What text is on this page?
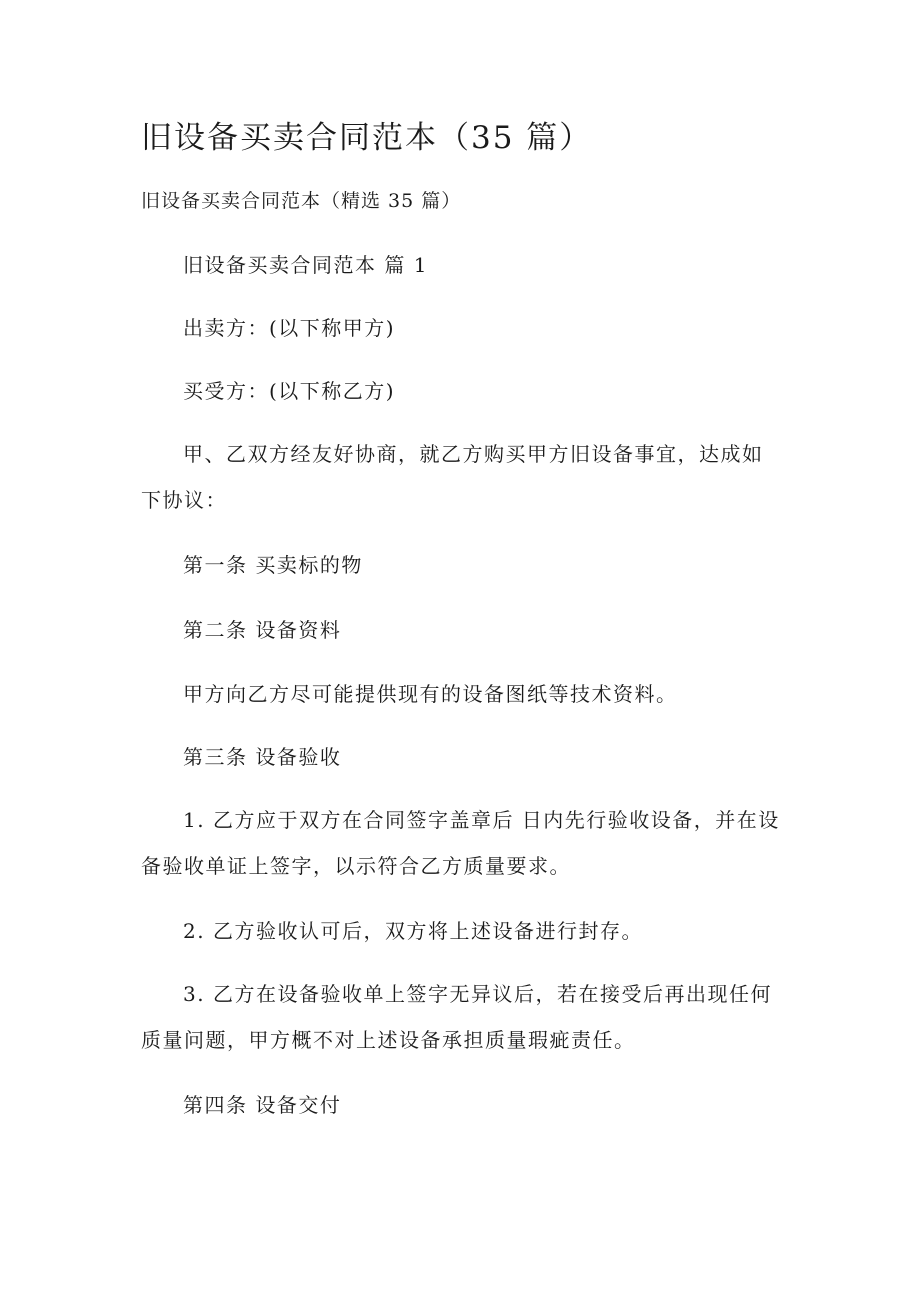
旧设备买卖合同范本（35 篇）
旧设备买卖合同范本（精选 35 篇）

旧设备买卖合同范本 篇 1

出卖方：(以下称甲方)

买受方：(以下称乙方)

甲、乙双方经友好协商，就乙方购买甲方旧设备事宜，达成如下协议：

第一条 买卖标的物

第二条 设备资料

甲方向乙方尽可能提供现有的设备图纸等技术资料。

第三条 设备验收

1. 乙方应于双方在合同签字盖章后 日内先行验收设备，并在设备验收单证上签字，以示符合乙方质量要求。

2. 乙方验收认可后，双方将上述设备进行封存。

3. 乙方在设备验收单上签字无异议后，若在接受后再出现任何质量问题，甲方概不对上述设备承担质量瑕疵责任。

第四条 设备交付
